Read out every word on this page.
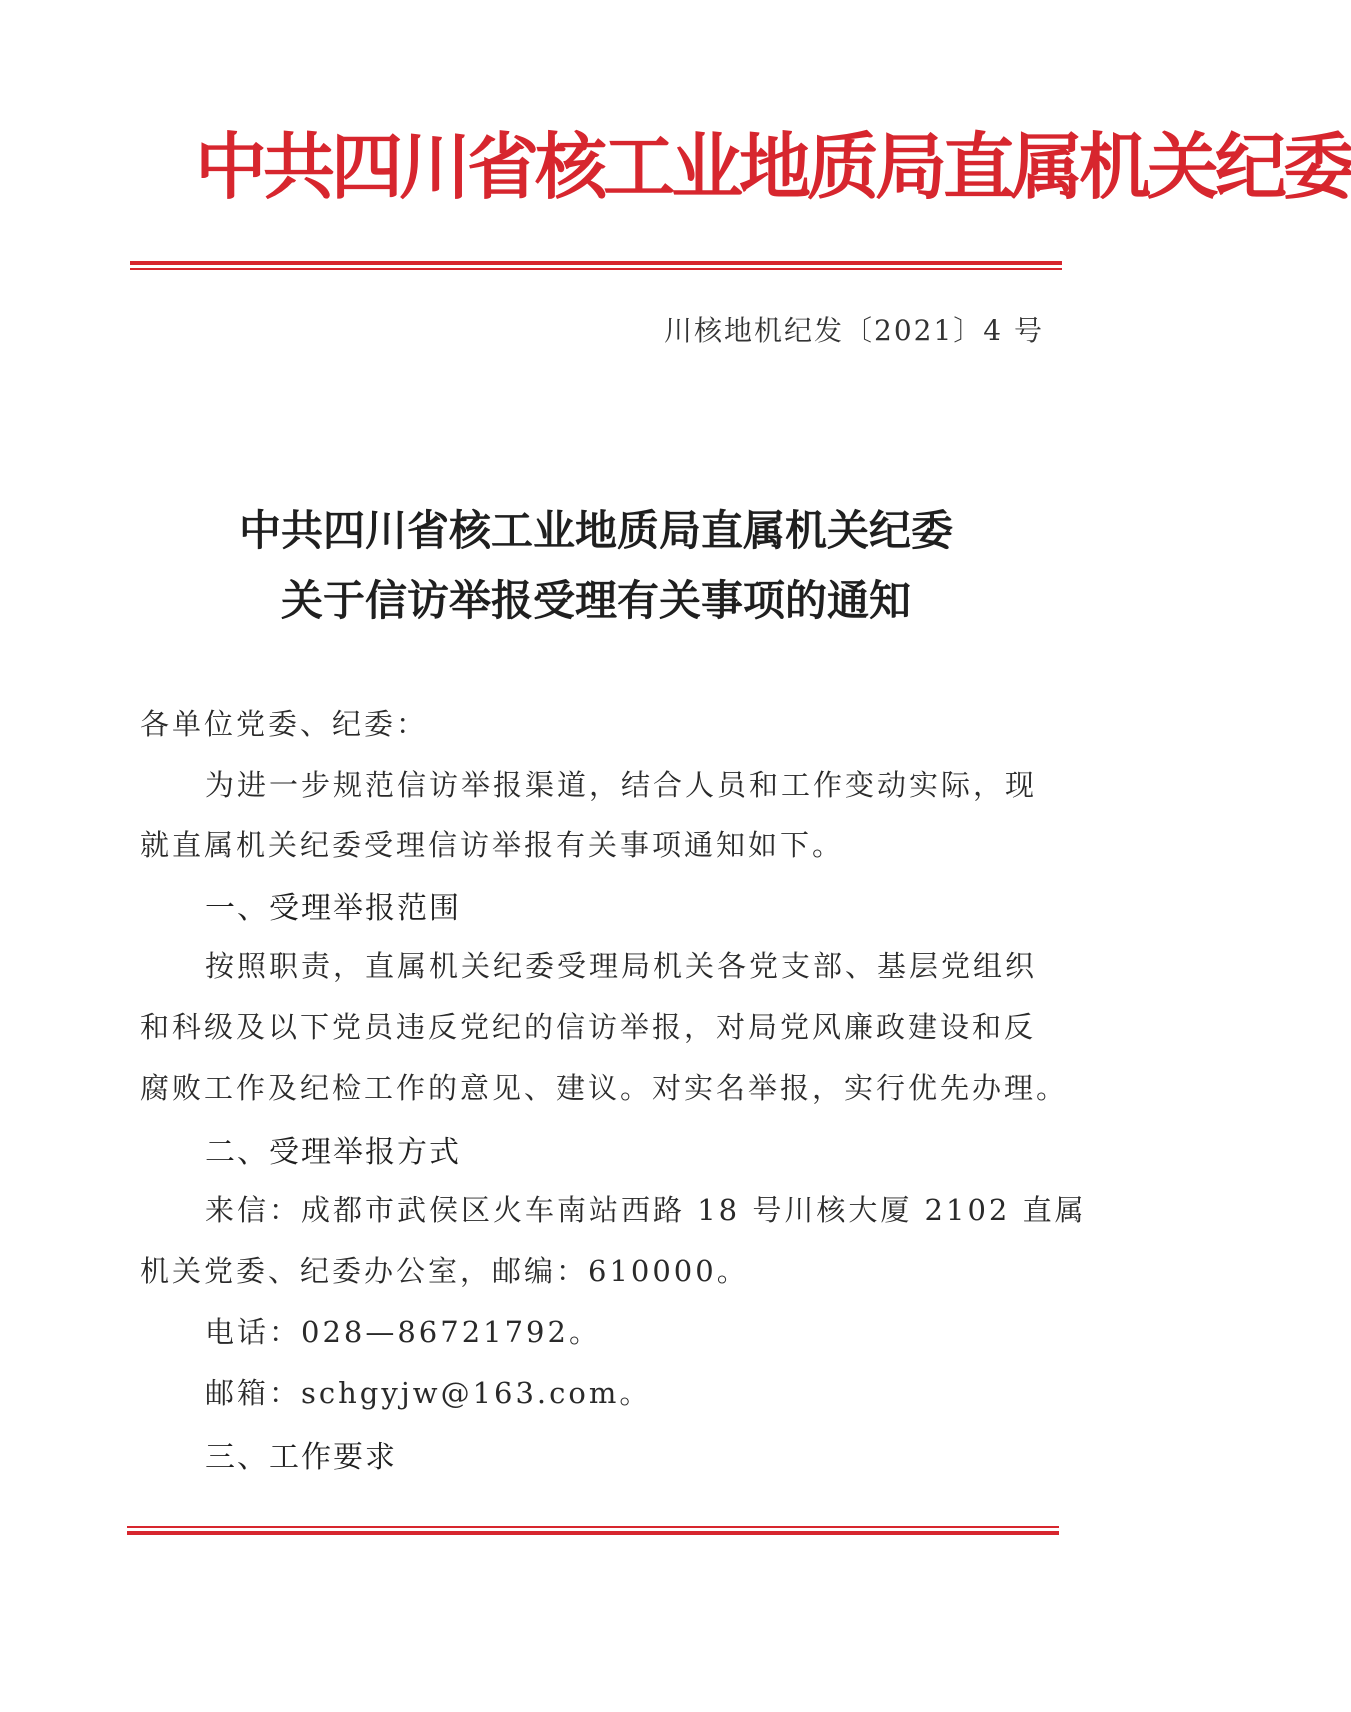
中共四川省核工业地质局直属机关纪委
川核地机纪发〔2021〕4 号
中共四川省核工业地质局直属机关纪委
关于信访举报受理有关事项的通知
各单位党委、纪委：
为进一步规范信访举报渠道，结合人员和工作变动实际，现
就直属机关纪委受理信访举报有关事项通知如下。
一、受理举报范围
按照职责，直属机关纪委受理局机关各党支部、基层党组织
和科级及以下党员违反党纪的信访举报，对局党风廉政建设和反
腐败工作及纪检工作的意见、建议。对实名举报，实行优先办理。
二、受理举报方式
来信：成都市武侯区火车南站西路 18 号川核大厦 2102 直属
机关党委、纪委办公室，邮编：610000。
电话：028—86721792。
邮箱：schgyjw@163.com。
三、工作要求
